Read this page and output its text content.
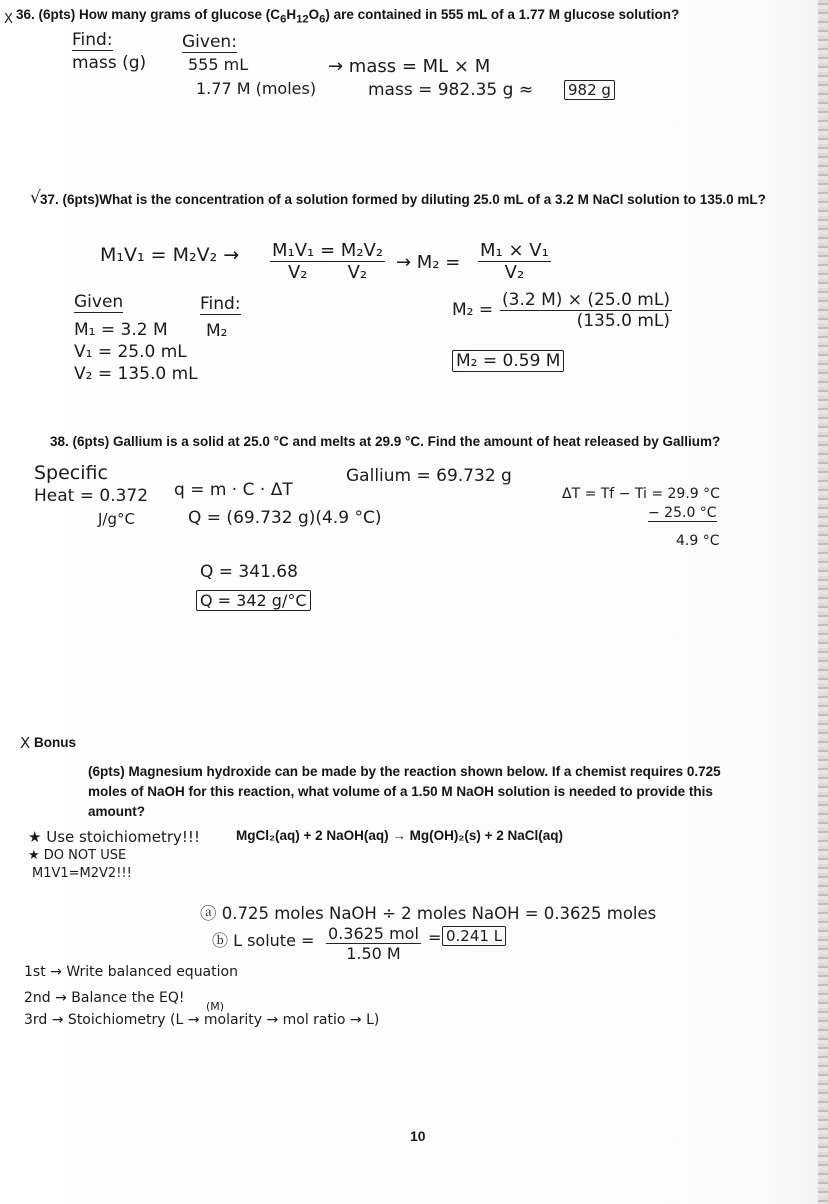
X 36. (6pts) How many grams of glucose $(C_6H_{12}O_6)$ are contained in 555 mL of a 1.77 M glucose solution?
Find:
mass (g)
Given:
555 mL
1.77 M (moles)
→ mass = ML × M
mass = 982.35 g ≈ 982 g
√ 37. (6pts)What is the concentration of a solution formed by diluting 25.0 mL of a 3.2 M NaCl solution to 135.0 mL?
$M_1V_1 = M_2V_2 \to \frac{\text{M₁V₁ = M₂V₂}}{\text{V₂ V₂}} \to M_2 = \frac{\text{M₁ × V₁}}{\text{V₂}}$
Given
M₁ = 3.2 M
V₁ = 25.0 mL
V₂ = 135.0 mL
Find:
M₂
$M_2 = \frac{(3.2 M) \times (25.0 mL)}{(135.0 mL)}$
M₂ = 0.59 M
38. (6pts) Gallium is a solid at 25.0 °C and melts at 29.9 °C. Find the amount of heat released by Gallium?
Specific
Heat = 0.372
J/g°C
q = m · C · ΔT
Gallium = 69.732 g
Q = (69.732 g)(4.9 °C)
Q = 341.68
Q = 342 g/°C
ΔT = Tf − Ti = 29.9 °C
− 25.0 °C
4.9 °C
X Bonus
(6pts) Magnesium hydroxide can be made by the reaction shown below. If a chemist requires 0.725 moles of NaOH for this reaction, what volume of a 1.50 M NaOH solution is needed to provide this amount?
★ Use stoichiometry!!!
★ DO NOT USE
M1V1=M2V2!!!
MgCl₂(aq) + 2 NaOH(aq) → Mg(OH)₂(s) + 2 NaCl(aq)
ⓐ 0.725 moles NaOH ÷ 2 moles NaOH = 0.3625 moles
ⓑ L solute = 0.3625 mol
1.50 M
= 0.241 L
1st → Write balanced equation
2nd → Balance the EQ!
(M)
3rd → Stoichiometry (L → molarity → mol ratio → L)
10
